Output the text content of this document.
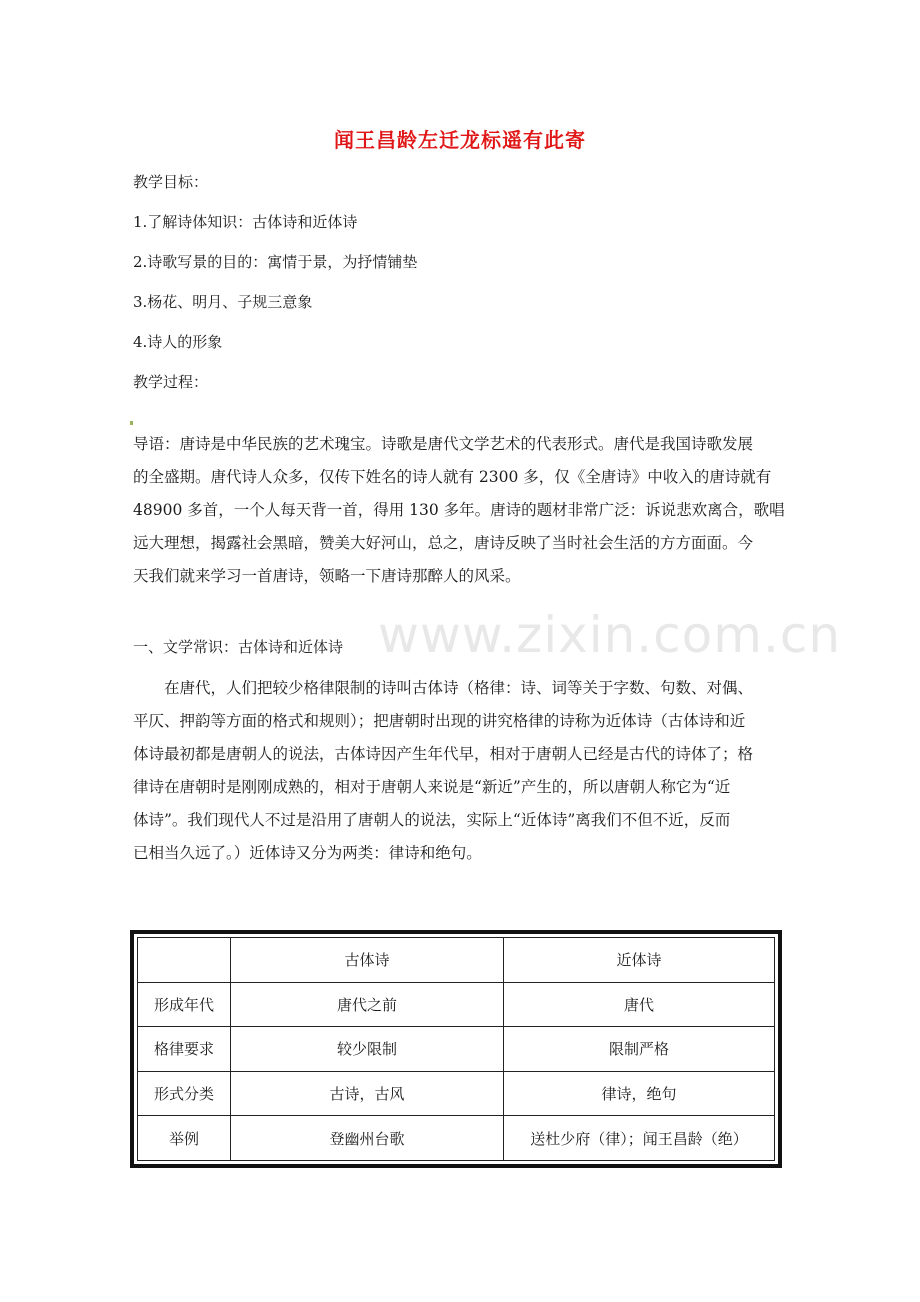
闻王昌龄左迁龙标遥有此寄
教学目标：
1.了解诗体知识：古体诗和近体诗
2.诗歌写景的目的：寓情于景，为抒情铺垫
3.杨花、明月、子规三意象
4.诗人的形象
教学过程：
导语：唐诗是中华民族的艺术瑰宝。诗歌是唐代文学艺术的代表形式。唐代是我国诗歌发展
的全盛期。唐代诗人众多，仅传下姓名的诗人就有 2300 多，仅《全唐诗》中收入的唐诗就有
48900 多首，一个人每天背一首，得用 130 多年。唐诗的题材非常广泛：诉说悲欢离合，歌唱
远大理想，揭露社会黑暗，赞美大好河山，总之，唐诗反映了当时社会生活的方方面面。今
天我们就来学习一首唐诗，领略一下唐诗那醉人的风采。
一、文学常识：古体诗和近体诗 www.zixin.com.cn
在唐代，人们把较少格律限制的诗叫古体诗（格律：诗、词等关于字数、句数、对偶、
平仄、押韵等方面的格式和规则）；把唐朝时出现的讲究格律的诗称为近体诗（古体诗和近
体诗最初都是唐朝人的说法，古体诗因产生年代早，相对于唐朝人已经是古代的诗体了；格
律诗在唐朝时是刚刚成熟的，相对于唐朝人来说是“新近”产生的，所以唐朝人称它为“近
体诗”。我们现代人不过是沿用了唐朝人的说法，实际上“近体诗”离我们不但不近，反而
已相当久远了。）近体诗又分为两类：律诗和绝句。
	古体诗	近体诗
形成年代	唐代之前	唐代
格律要求	较少限制	限制严格
形式分类	古诗，古风	律诗，绝句
举例	登幽州台歌	送杜少府（律）；闻王昌龄（绝）
